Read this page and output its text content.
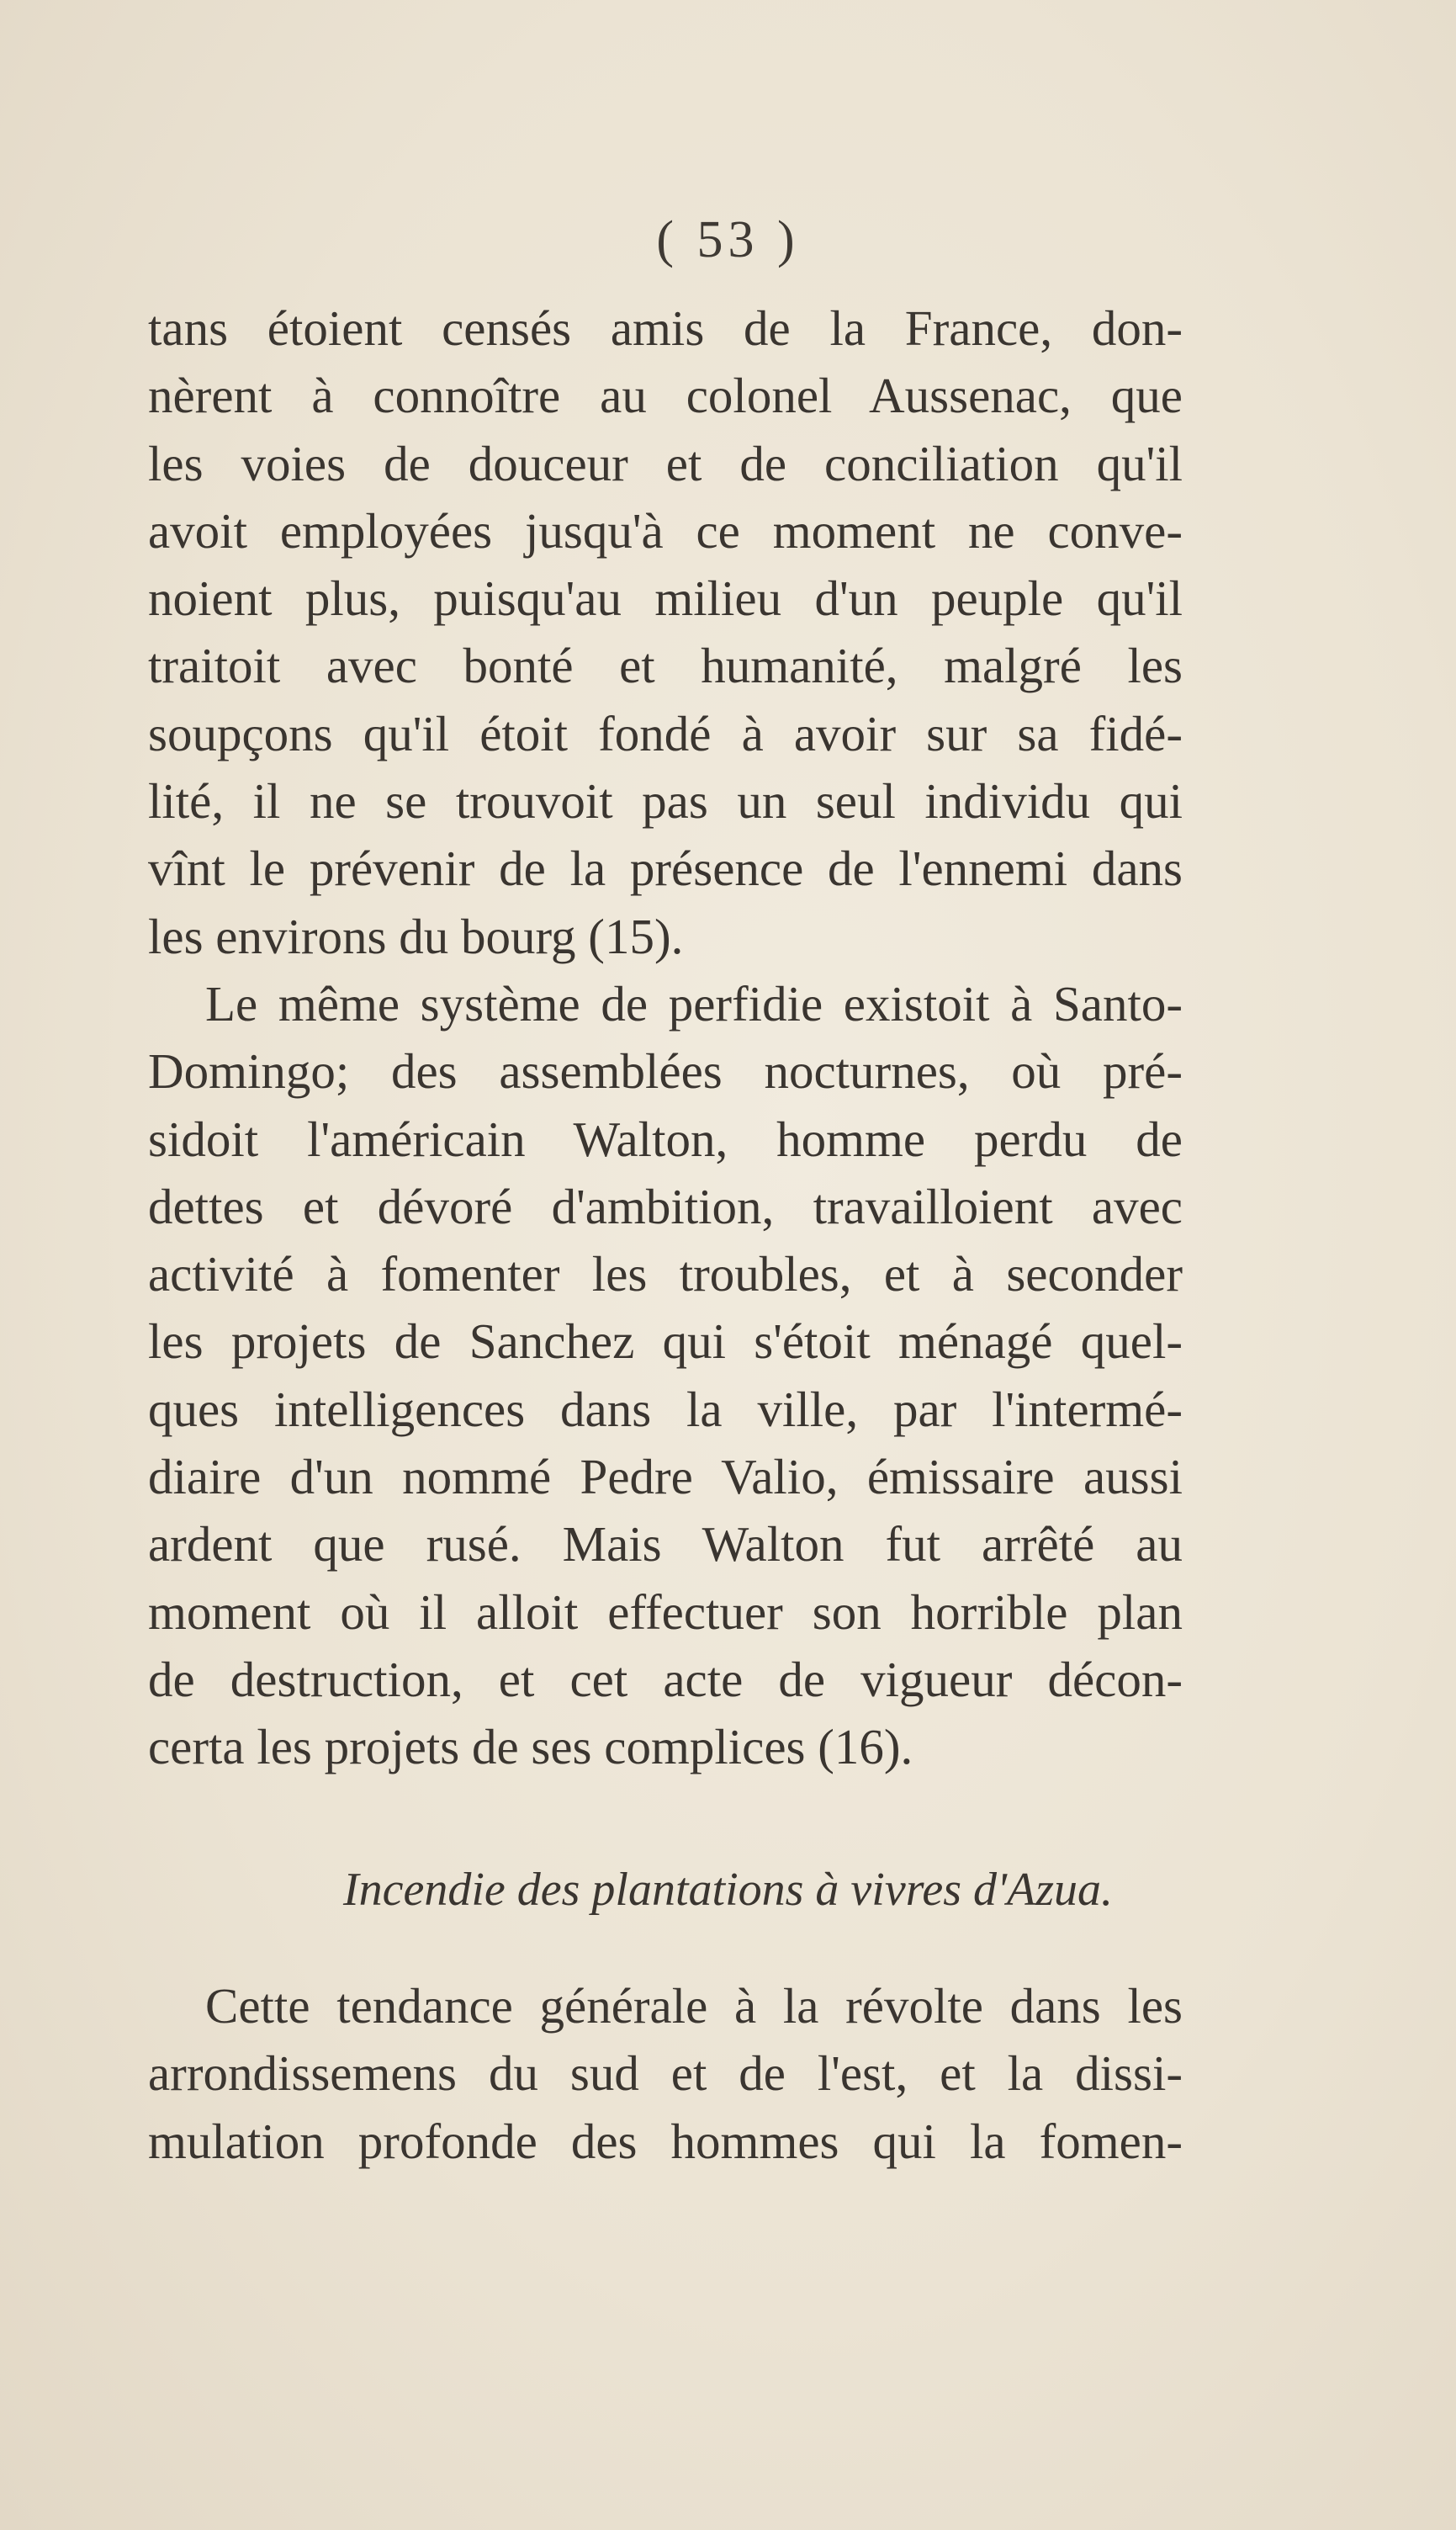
( 53 )
tans étoient censés amis de la France, don-
nèrent à connoître au colonel Aussenac, que
les voies de douceur et de conciliation qu'il
avoit employées jusqu'à ce moment ne conve-
noient plus, puisqu'au milieu d'un peuple qu'il
traitoit avec bonté et humanité, malgré les
soupçons qu'il étoit fondé à avoir sur sa fidé-
lité, il ne se trouvoit pas un seul individu qui
vînt le prévenir de la présence de l'ennemi dans
les environs du bourg (15).
Le même système de perfidie existoit à Santo-
Domingo; des assemblées nocturnes, où pré-
sidoit l'américain Walton, homme perdu de
dettes et dévoré d'ambition, travailloient avec
activité à fomenter les troubles, et à seconder
les projets de Sanchez qui s'étoit ménagé quel-
ques intelligences dans la ville, par l'intermé-
diaire d'un nommé Pedre Valio, émissaire aussi
ardent que rusé. Mais Walton fut arrêté au
moment où il alloit effectuer son horrible plan
de destruction, et cet acte de vigueur décon-
certa les projets de ses complices (16).
Incendie des plantations à vivres d'Azua.
Cette tendance générale à la révolte dans les
arrondissemens du sud et de l'est, et la dissi-
mulation profonde des hommes qui la fomen-
